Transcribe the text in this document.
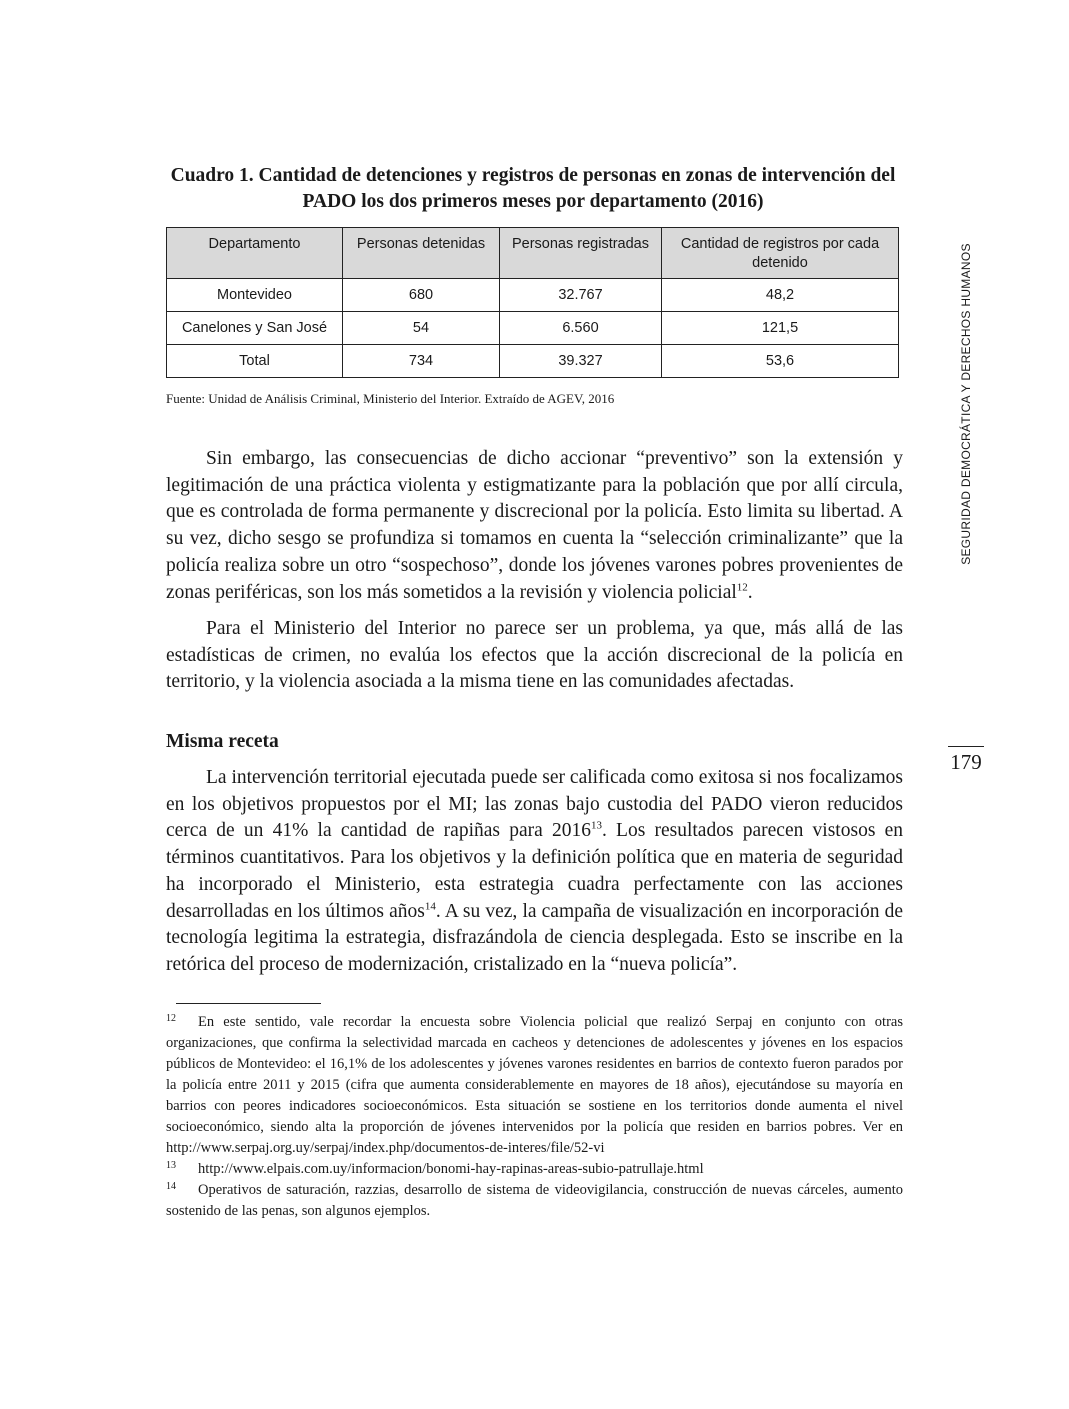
Cuadro 1. Cantidad de detenciones y registros de personas en zonas de intervención del PADO los dos primeros meses por departamento (2016)
Departamento	Personas detenidas	Personas registradas	Cantidad de registros por cada detenido
Montevideo	680	32.767	48,2
Canelones y San José	54	6.560	121,5
Total	734	39.327	53,6
Fuente: Unidad de Análisis Criminal, Ministerio del Interior. Extraído de AGEV, 2016

Sin embargo, las consecuencias de dicho accionar “preventivo” son la extensión y legitimación de una práctica violenta y estigmatizante para la población que por allí circula, que es controlada de forma permanente y discrecional por la policía. Esto limita su libertad. A su vez, dicho sesgo se profundiza si tomamos en cuenta la “selección criminalizante” que la policía realiza sobre un otro “sospechoso”, donde los jóvenes varones pobres provenientes de zonas periféricas, son los más sometidos a la revisión y violencia policial$^{12}$.

Para el Ministerio del Interior no parece ser un problema, ya que, más allá de las estadísticas de crimen, no evalúa los efectos que la acción discrecional de la policía en territorio, y la violencia asociada a la misma tiene en las comunidades afectadas.

Misma receta

La intervención territorial ejecutada puede ser calificada como exitosa si nos focalizamos en los objetivos propuestos por el MI; las zonas bajo custodia del PADO vieron reducidos cerca de un 41% la cantidad de rapiñas para 2016$^{13}$. Los resultados parecen vistosos en términos cuantitativos. Para los objetivos y la definición política que en materia de seguridad ha incorporado el Ministerio, esta estrategia cuadra perfectamente con las acciones desarrolladas en los últimos años$^{14}$. A su vez, la campaña de visualización en incorporación de tecnología legitima la estrategia, disfrazándola de ciencia desplegada. Esto se inscribe en la retórica del proceso de modernización, cristalizado en la “nueva policía”.

SEGURIDAD DEMOCRÁTICA Y DERECHOS HUMANOS
179

12 En este sentido, vale recordar la encuesta sobre Violencia policial que realizó Serpaj en conjunto con otras organizaciones, que confirma la selectividad marcada en cacheos y detenciones de adolescentes y jóvenes en los espacios públicos de Montevideo: el 16,1% de los adolescentes y jóvenes varones residentes en barrios de contexto fueron parados por la policía entre 2011 y 2015 (cifra que aumenta considerablemente en mayores de 18 años), ejecutándose su mayoría en barrios con peores indicadores socioeconómicos. Esta situación se sostiene en los territorios donde aumenta el nivel socioeconómico, siendo alta la proporción de jóvenes intervenidos por la policía que residen en barrios pobres. Ver en http://www.serpaj.org.uy/serpaj/index.php/documentos-de-interes/file/52-vi

13 http://www.elpais.com.uy/informacion/bonomi-hay-rapinas-areas-subio-patrullaje.html

14 Operativos de saturación, razzias, desarrollo de sistema de videovigilancia, construcción de nuevas cárceles, aumento sostenido de las penas, son algunos ejemplos.
